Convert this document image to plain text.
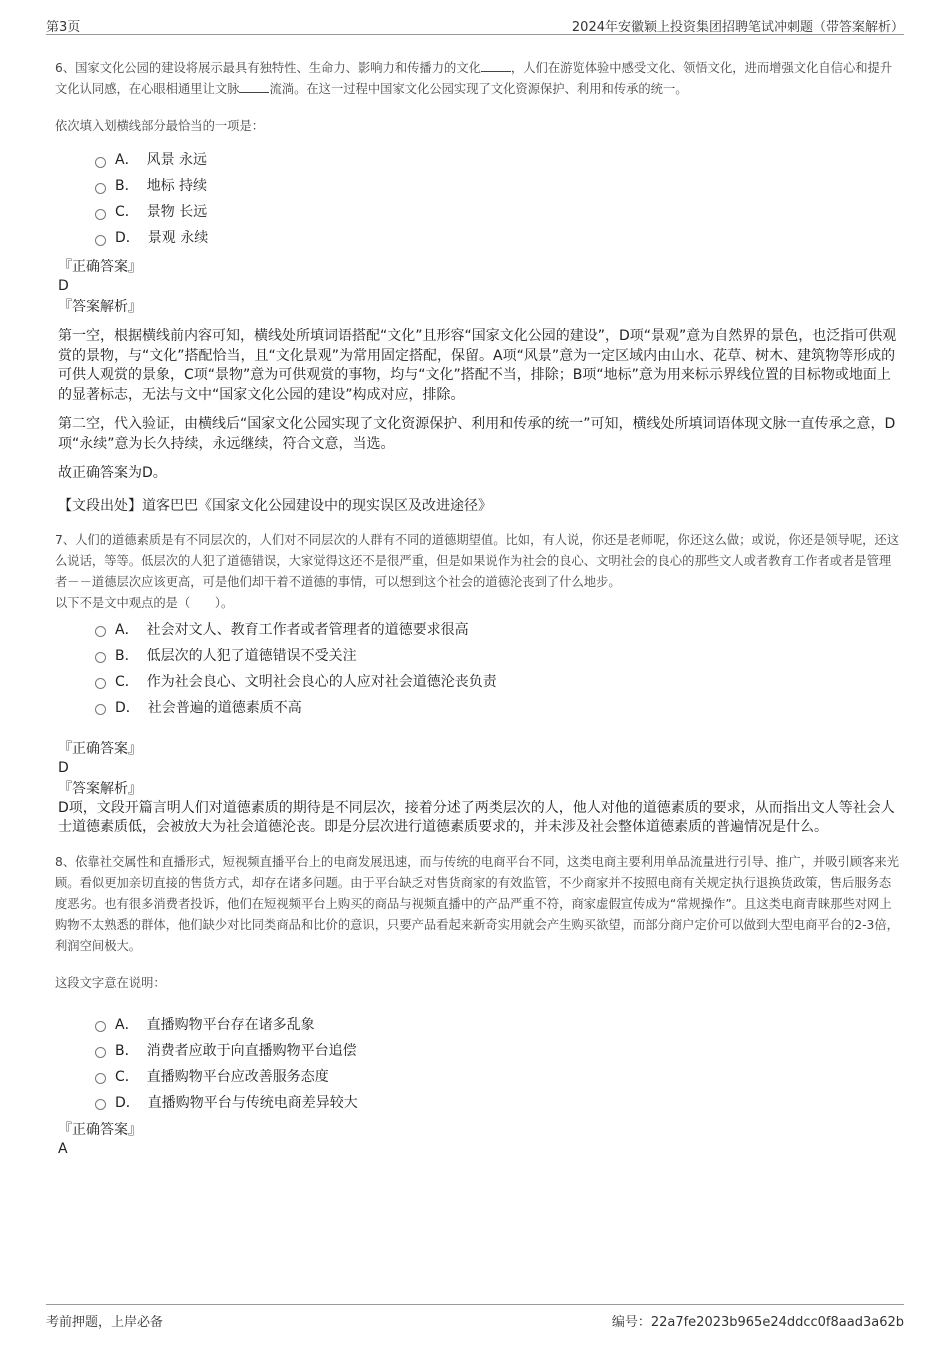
第3页	2024年安徽颖上投资集团招聘笔试冲刺题（带答案解析）

6、国家文化公园的建设将展示最具有独特性、生命力、影响力和传播力的文化 ，人们在游览体验中感受文化、领悟文化，进而增强文化自信心和提升文化认同感，在心眼相通里让文脉 流淌。在这一过程中国家文化公园实现了文化资源保护、利用和传承的统一。

依次填入划横线部分最恰当的一项是：

A． 风景 永远
B． 地标 持续
C． 景物 长远
D． 景观 永续
『正确答案』
D
『答案解析』

第一空，根据横线前内容可知，横线处所填词语搭配“文化”且形容“国家文化公园的建设”，D项“景观”意为自然界的景色，也泛指可供观赏的景物，与“文化”搭配恰当，且“文化景观”为常用固定搭配，保留。A项“风景”意为一定区域内由山水、花草、树木、建筑物等形成的可供人观赏的景象，C项“景物”意为可供观赏的事物，均与“文化”搭配不当，排除；B项“地标”意为用来标示界线位置的目标物或地面上的显著标志，无法与文中“国家文化公园的建设”构成对应，排除。

第二空，代入验证，由横线后“国家文化公园实现了文化资源保护、利用和传承的统一”可知，横线处所填词语体现文脉一直传承之意，D项“永续”意为长久持续，永远继续，符合文意，当选。

故正确答案为D。

【文段出处】道客巴巴《国家文化公园建设中的现实误区及改进途径》

7、人们的道德素质是有不同层次的，人们对不同层次的人群有不同的道德期望值。比如，有人说，你还是老师呢，你还这么做；或说，你还是领导呢，还这么说话，等等。低层次的人犯了道德错误，大家觉得这还不是很严重，但是如果说作为社会的良心、文明社会的良心的那些文人或者教育工作者或者是管理者－－道德层次应该更高，可是他们却干着不道德的事情，可以想到这个社会的道德沦丧到了什么地步。

以下不是文中观点的是（　　）。

A． 社会对文人、教育工作者或者管理者的道德要求很高
B． 低层次的人犯了道德错误不受关注
C． 作为社会良心、文明社会良心的人应对社会道德沦丧负责
D． 社会普遍的道德素质不高
『正确答案』
D
『答案解析』

D项，文段开篇言明人们对道德素质的期待是不同层次，接着分述了两类层次的人，他人对他的道德素质的要求，从而指出文人等社会人士道德素质低，会被放大为社会道德沦丧。即是分层次进行道德素质要求的，并未涉及社会整体道德素质的普遍情况是什么。

8、依靠社交属性和直播形式，短视频直播平台上的电商发展迅速，而与传统的电商平台不同，这类电商主要利用单品流量进行引导、推广，并吸引顾客来光顾。看似更加亲切直接的售货方式，却存在诸多问题。由于平台缺乏对售货商家的有效监管，不少商家并不按照电商有关规定执行退换货政策，售后服务态度恶劣。也有很多消费者投诉，他们在短视频平台上购买的商品与视频直播中的产品严重不符，商家虚假宣传成为“常规操作”。且这类电商青睐那些对网上购物不太熟悉的群体，他们缺少对比同类商品和比价的意识，只要产品看起来新奇实用就会产生购买欲望，而部分商户定价可以做到大型电商平台的2-3倍，利润空间极大。

这段文字意在说明：

A． 直播购物平台存在诸多乱象
B． 消费者应敢于向直播购物平台追偿
C． 直播购物平台应改善服务态度
D． 直播购物平台与传统电商差异较大
『正确答案』
A
考前押题，上岸必备	编号：22a7fe2023b965e24ddcc0f8aad3a62b
